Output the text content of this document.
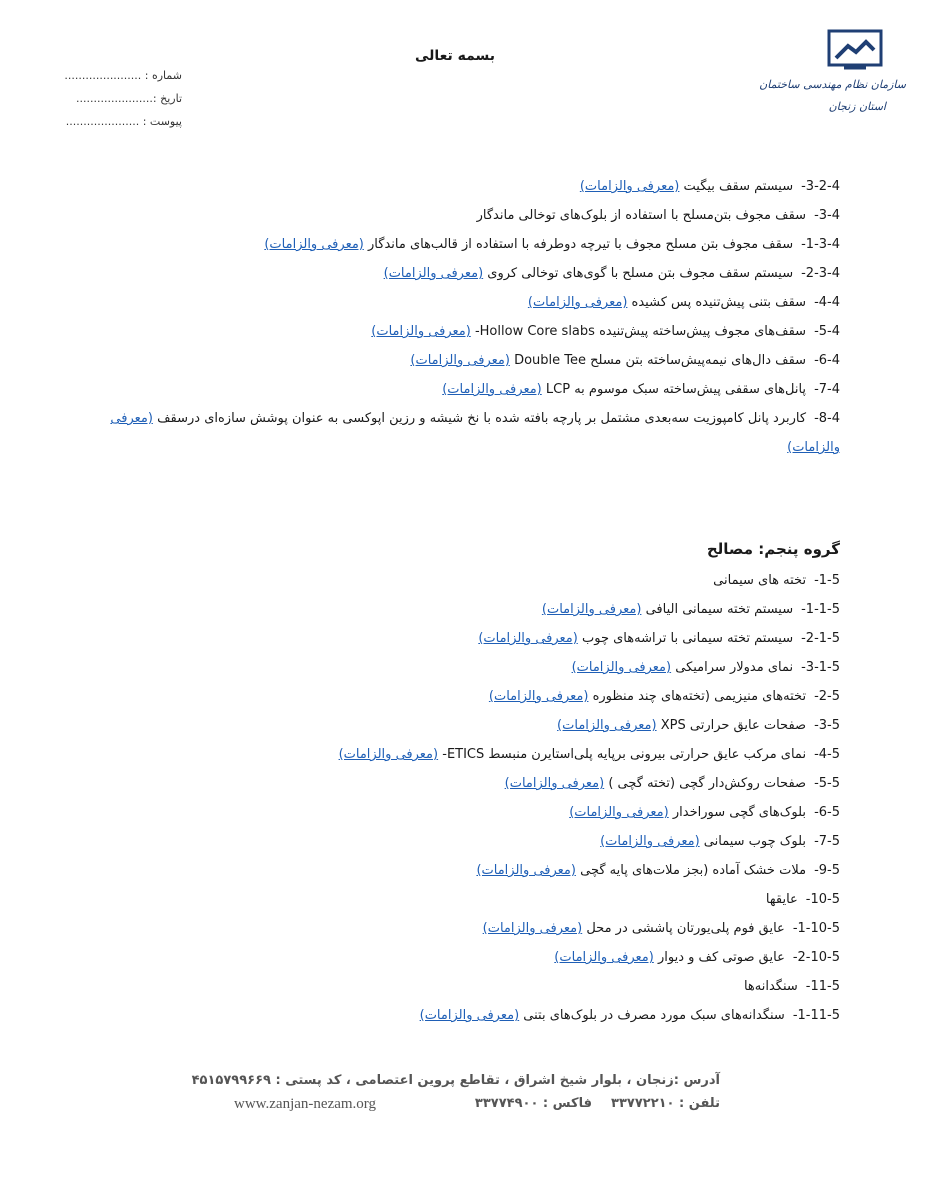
سازمان نظام مهندسی ساختمان
استان زنجان
بسمه تعالی
شماره : ......................
تاریخ :......................
پیوست : .....................
-3-2-4سیستم سقف بیگیت (معرفی والزامات)
-3-4سقف مجوف بتن‌مسلح با استفاده از بلوک‌های توخالی ماندگار
-1-3-4سقف مجوف بتن مسلح مجوف با تیرچه دوطرفه با استفاده از قالب‌های ماندگار (معرفی والزامات)
-2-3-4سیستم سقف مجوف بتن مسلح با گوی‌های توخالی کروی (معرفی والزامات)
-4-4سقف بتنی پیش‌تنیده پس کشیده (معرفی والزامات)
-5-4سقف‌های مجوف پیش‌ساخته پیش‌تنیده Hollow Core slabs- (معرفی والزامات)
-6-4سقف دال‌های نیمه‌پیش‌ساخته بتن مسلح Double Tee (معرفی والزامات)
-7-4پانل‌های سقفی پیش‌ساخته سبک موسوم به LCP (معرفی والزامات)
-8-4کاربرد پانل کامپوزیت سه‌بعدی مشتمل بر پارچه بافته شده با نخ شیشه و رزین اپوکسی به عنوان پوشش سازه‌ای درسقف (معرفی والزامات)
گروه پنجم: مصالح
-1-5تخته های سیمانی
-1-1-5سیستم تخته سیمانی الیافی (معرفی والزامات)
-2-1-5سیستم تخته سیمانی با تراشه‌های چوب (معرفی والزامات)
-3-1-5نمای مدولار سرامیکی (معرفی والزامات)
-2-5تخته‌های منیزیمی (تخته‌های چند منظوره (معرفی والزامات)
-3-5صفحات عایق حرارتی XPS (معرفی والزامات)
-4-5نمای مرکب عایق حرارتی بیرونی برپایه پلی‌استایرن منبسط ETICS- (معرفی والزامات)
-5-5صفحات روکش‌دار گچی (تخته گچی ) (معرفی والزامات)
-6-5بلوک‌های گچی سوراخدار (معرفی والزامات)
-7-5بلوک چوب سیمانی (معرفی والزامات)
-9-5ملات خشک آماده (بجز ملات‌های پایه گچی (معرفی والزامات)
-10-5عایقها
-1-10-5عایق فوم پلی‌یورتان پاششی در محل (معرفی والزامات)
-2-10-5عایق صوتی کف و دیوار (معرفی والزامات)
-11-5سنگدانه‌ها
-1-11-5سنگدانه‌های سبک مورد مصرف در بلوک‌های بتنی (معرفی والزامات)
آدرس :زنجان ، بلوار شیخ اشراق ، تقاطع پروین اعتصامی ، کد پستی : ۴۵۱۵۷۹۹۶۶۹
تلفن : ۳۳۷۷۲۲۱۰
فاکس : ۳۳۷۷۴۹۰۰
www.zanjan-nezam.org
